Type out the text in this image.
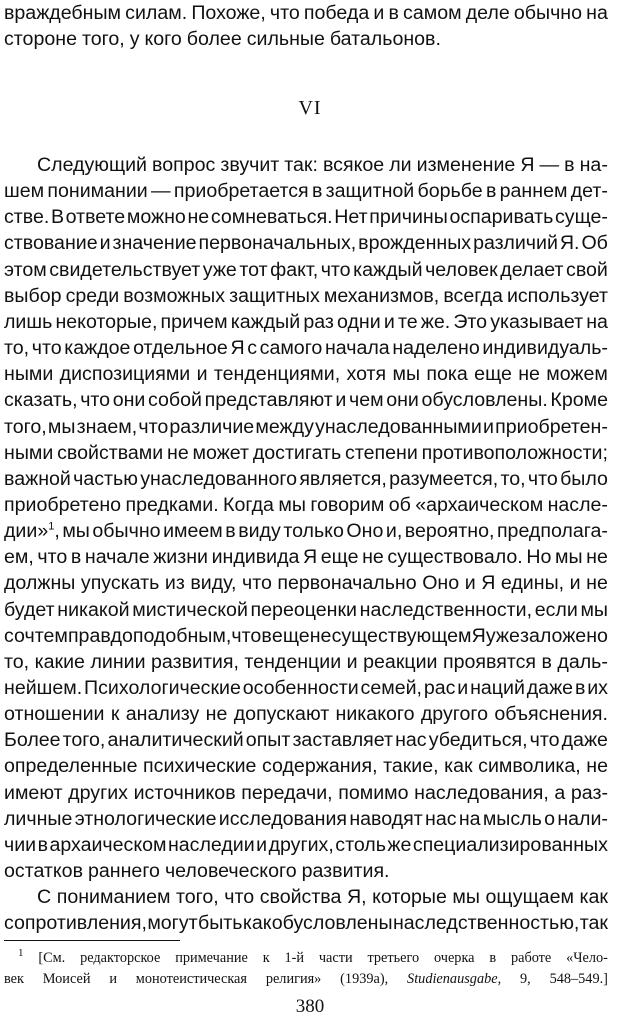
враждебным силам. Похоже, что победа и в самом деле обычно на
стороне того, у кого более сильные батальонов.
VI
Следующий вопрос звучит так: всякое ли изменение Я — в на-
шем понимании — приобретается в защитной борьбе в раннем дет-
стве. В ответе можно не сомневаться. Нет причины оспаривать суще-
ствование и значение первоначальных, врожденных различий Я. Об
этом свидетельствует уже тот факт, что каждый человек делает свой
выбор среди возможных защитных механизмов, всегда использует
лишь некоторые, причем каждый раз одни и те же. Это указывает на
то, что каждое отдельное Я с самого начала наделено индивидуаль-
ными диспозициями и тенденциями, хотя мы пока еще не можем
сказать, что они собой представляют и чем они обусловлены. Кроме
того, мы знаем, что различие между унаследованными и приобретен-
ными свойствами не может достигать степени противоположности;
важной частью унаследованного является, разумеется, то, что было
приобретено предками. Когда мы говорим об «архаическом насле-
дии»$^1$, мы обычно имеем в виду только Оно и, вероятно, предполага-
ем, что в начале жизни индивида Я еще не существовало. Но мы не
должны упускать из виду, что первоначально Оно и Я едины, и не
будет никакой мистической переоценки наследственности, если мы
сочтем правдоподобным, что в еще не существующем Я уже заложено
то, какие линии развития, тенденции и реакции проявятся в даль-
нейшем. Психологические особенности семей, рас и наций даже в их
отношении к анализу не допускают никакого другого объяснения.
Более того, аналитический опыт заставляет нас убедиться, что даже
определенные психические содержания, такие, как символика, не
имеют других источников передачи, помимо наследования, а раз-
личные этнологические исследования наводят нас на мысль о нали-
чии в архаическом наследии и других, столь же специализированных
остатков раннего человеческого развития.
С пониманием того, что свойства Я, которые мы ощущаем как
сопротивления, могут быть как обусловлены наследственностью, так
$^1$ [См. редакторское примечание к 1-й части третьего очерка в работе «Чело-
век Моисей и монотеистическая религия» (1939a), Studienausgabe, 9, 548–549.]
380
